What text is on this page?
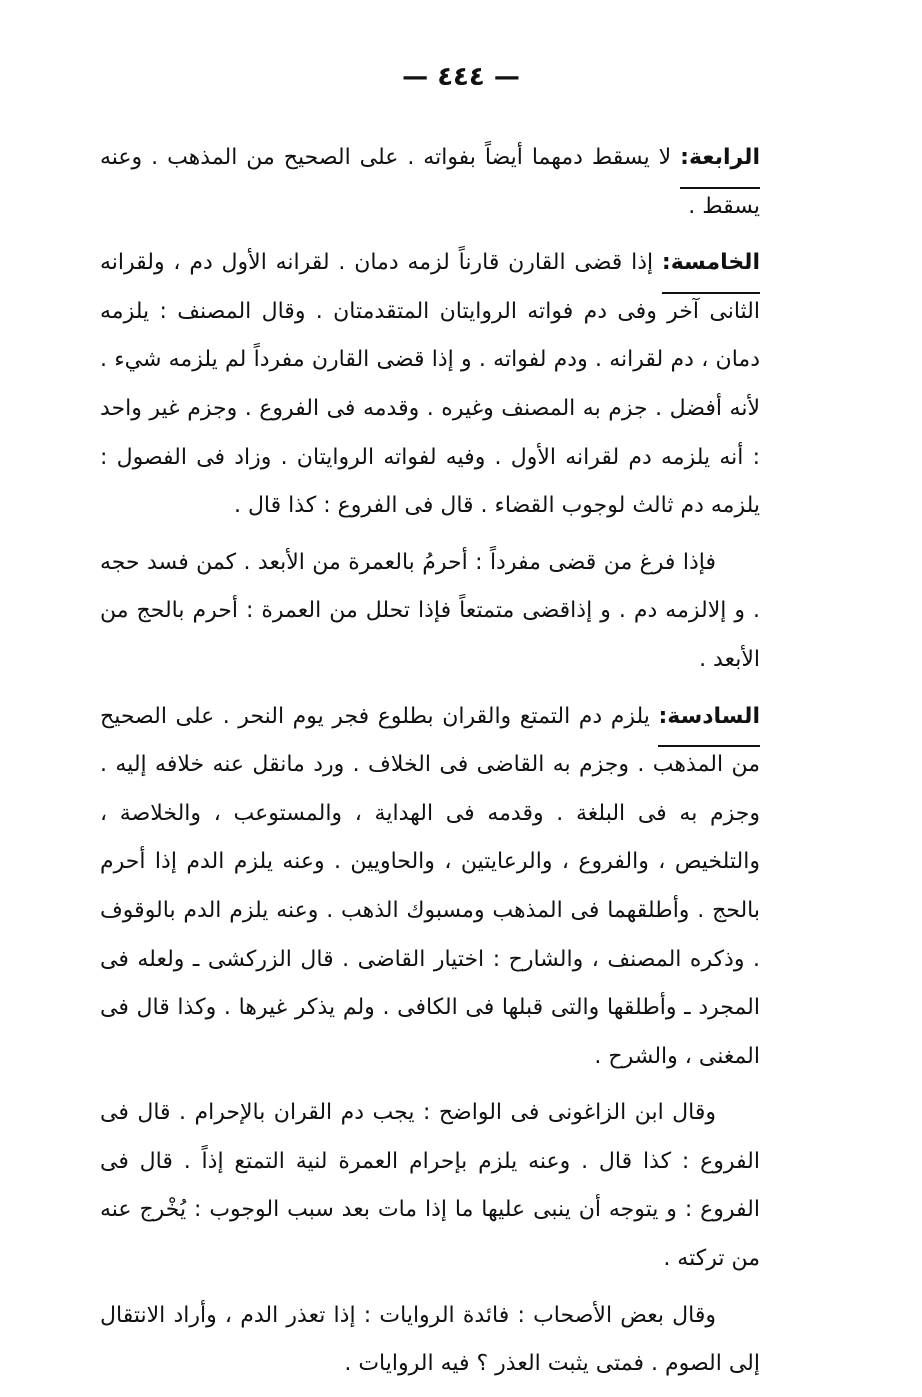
— ٤٤٤ —

الرابعة: لا يسقط دمهما أيضاً بفواته . على الصحيح من المذهب . وعنه يسقط .

الخامسة: إذا قضى القارن قارناً لزمه دمان . لقرانه الأول دم ، ولقرانه الثانى آخر وفى دم فواته الروايتان المتقدمتان . وقال المصنف : يلزمه دمان ، دم لقرانه . ودم لفواته . و إذا قضى القارن مفرداً لم يلزمه شيء . لأنه أفضل . جزم به المصنف وغيره . وقدمه فى الفروع . وجزم غير واحد : أنه يلزمه دم لقرانه الأول . وفيه لفواته الروايتان . وزاد فى الفصول : يلزمه دم ثالث لوجوب القضاء . قال فى الفروع : كذا قال .

فإذا فرغ من قضى مفرداً : أحرمُ بالعمرة من الأبعد . كمن فسد حجه . و إلالزمه دم . و إذاقضى متمتعاً فإذا تحلل من العمرة : أحرم بالحج من الأبعد .

السادسة: يلزم دم التمتع والقران بطلوع فجر يوم النحر . على الصحيح من المذهب . وجزم به القاضى فى الخلاف . ورد مانقل عنه خلافه إليه . وجزم به فى البلغة . وقدمه فى الهداية ، والمستوعب ، والخلاصة ، والتلخيص ، والفروع ، والرعايتين ، والحاويين . وعنه يلزم الدم إذا أحرم بالحج . وأطلقهما فى المذهب ومسبوك الذهب . وعنه يلزم الدم بالوقوف . وذكره المصنف ، والشارح : اختيار القاضى . قال الزركشى ـ ولعله فى المجرد ـ وأطلقها والتى قبلها فى الكافى . ولم يذكر غيرها . وكذا قال فى المغنى ، والشرح .

وقال ابن الزاغونى فى الواضح : يجب دم القران بالإحرام . قال فى الفروع : كذا قال . وعنه يلزم بإحرام العمرة لنية التمتع إذاً . قال فى الفروع : و يتوجه أن ينبى عليها ما إذا مات بعد سبب الوجوب : يُخْرج عنه من تركته .

وقال بعض الأصحاب : فائدة الروايات : إذا تعذر الدم ، وأراد الانتقال إلى الصوم . فمتى يثبت العذر ؟ فيه الروايات .
